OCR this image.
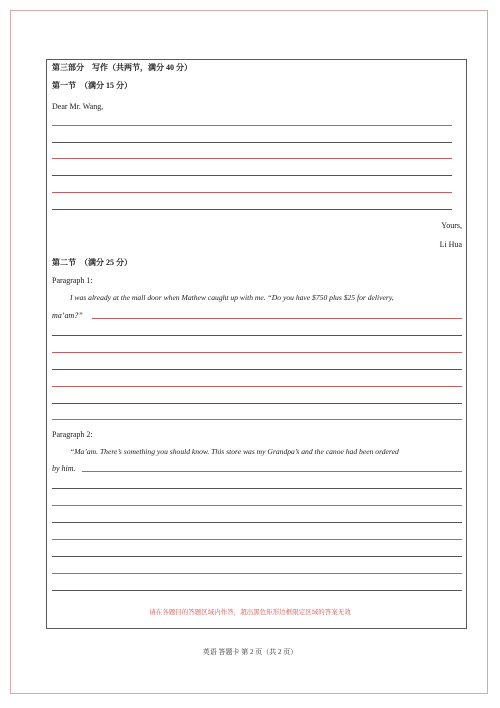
第三部分　写作（共两节，满分 40 分）
第一节　（满分 15 分）
Dear Mr. Wang,
Yours,
Li Hua
第二节　（满分 25 分）
Paragraph 1:
I was already at the mall door when Mathew caught up with me. “Do you have $750 plus $25 for delivery,
ma’am?”
Paragraph 2:
“Ma’am. There’s something you should know. This store was my Grandpa’s and the canoe had been ordered
by him.
请在各题目的答题区域内作答，超出黑色矩形边框限定区域的答案无效
英语 答题卡 第 2 页（共 2 页）
